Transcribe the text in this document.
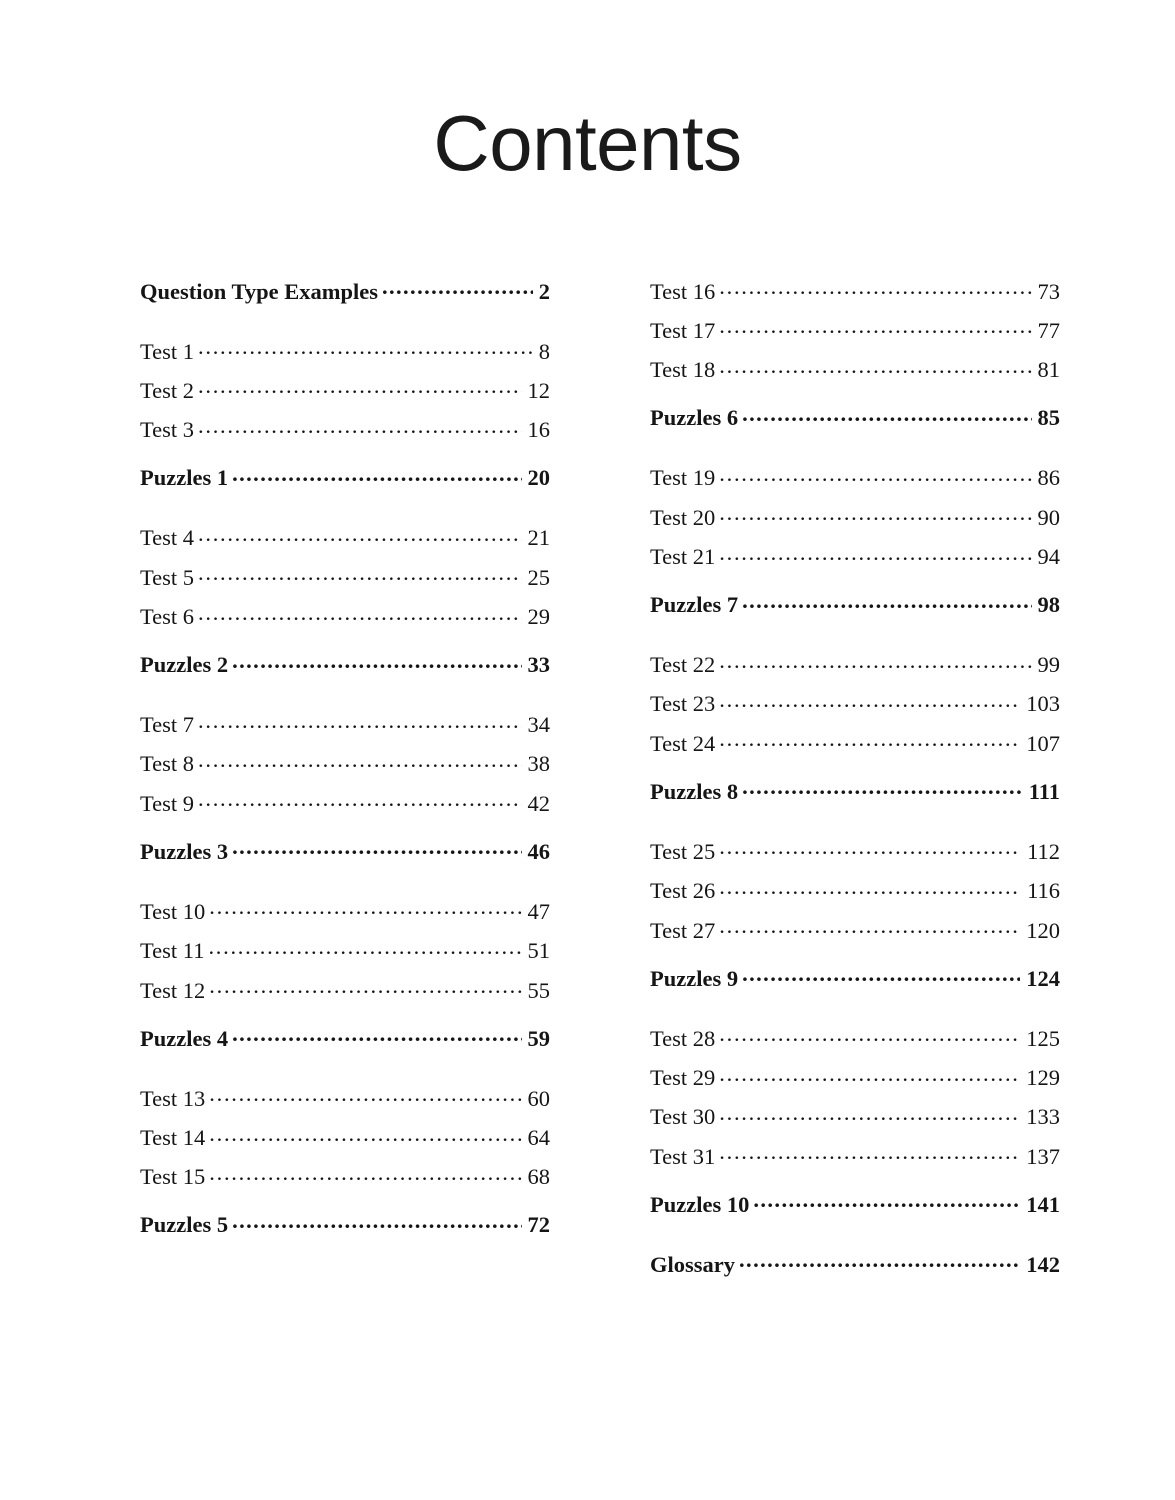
Contents
Question Type Examples .....	2
Test 1 .....	8
Test 2 .....	12
Test 3 .....	16
Puzzles 1 .....	20
Test 4 .....	21
Test 5 .....	25
Test 6 .....	29
Puzzles 2 .....	33
Test 7 .....	34
Test 8 .....	38
Test 9 .....	42
Puzzles 3 .....	46
Test 10 .....	47
Test 11 .....	51
Test 12 .....	55
Puzzles 4 .....	59
Test 13 .....	60
Test 14 .....	64
Test 15 .....	68
Puzzles 5 .....	72
Test 16 .....	73
Test 17 .....	77
Test 18 .....	81
Puzzles 6 .....	85
Test 19 .....	86
Test 20 .....	90
Test 21 .....	94
Puzzles 7 .....	98
Test 22 .....	99
Test 23 .....	103
Test 24 .....	107
Puzzles 8 .....	111
Test 25 .....	112
Test 26 .....	116
Test 27 .....	120
Puzzles 9 .....	124
Test 28 .....	125
Test 29 .....	129
Test 30 .....	133
Test 31 .....	137
Puzzles 10 .....	141
Glossary .....	142
